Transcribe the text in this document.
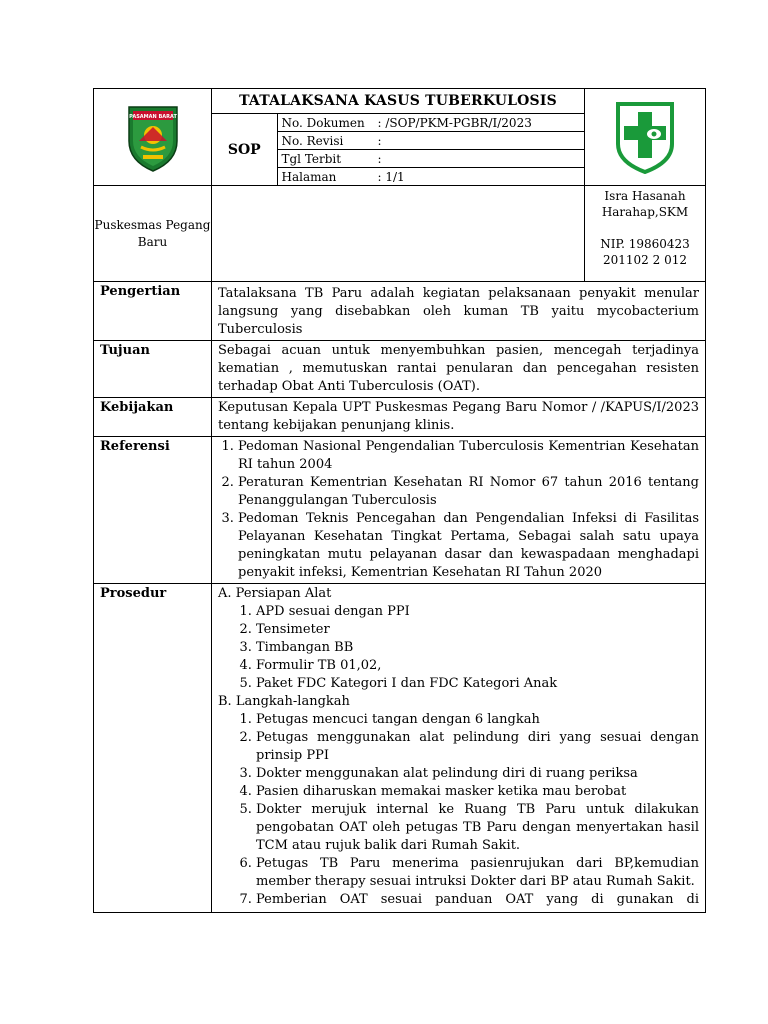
PASAMAN BARAT

TATALAKSANA KASUS TUBERKULOSIS
SOP	
No. Dokumen	: /SOP/PKM-PGBR/I/2023

No. Revisi	:

Tgl Terbit	:

Halaman	: 1/1

Puskesmas Pegang Baru		
Isra Hasanah Harahap,SKM
NIP. 19860423
201102 2 012

Pengertian	Tatalaksana TB Paru adalah kegiatan pelaksanaan penyakit menular langsung yang disebabkan oleh kuman TB yaitu mycobacterium Tuberculosis
Tujuan	Sebagai acuan untuk menyembuhkan pasien, mencegah terjadinya kematian , memutuskan rantai penularan dan pencegahan resisten terhadap Obat Anti Tuberculosis (OAT).
Kebijakan	Keputusan Kepala UPT Puskesmas Pegang Baru Nomor / /KAPUS/I/2023 tentang kebijakan penunjang klinis.
Referensi	
1.Pedoman Nasional Pengendalian Tuberculosis Kementrian Kesehatan RI tahun 2004
2. Peraturan Kementrian Kesehatan RI Nomor 67 tahun 2016 tentang Penanggulangan Tuberculosis
3. Pedoman Teknis Pencegahan dan Pengendalian Infeksi di Fasilitas Pelayanan Kesehatan Tingkat Pertama, Sebagai salah satu upaya peningkatan mutu pelayanan dasar dan kewaspadaan menghadapi penyakit infeksi, Kementrian Kesehatan RI Tahun 2020

Prosedur	A. Persiapan Alat
1. APD sesuai dengan PPI
2. Tensimeter
3. Timbangan BB
4. Formulir TB 01,02,
5. Paket FDC Kategori I dan FDC Kategori Anak
B. Langkah-langkah
1. Petugas mencuci tangan dengan 6 langkah
2. Petugas menggunakan alat pelindung diri yang sesuai dengan prinsip PPI
3. Dokter menggunakan alat pelindung diri di ruang periksa
4. Pasien diharuskan memakai masker ketika mau berobat
5. Dokter merujuk internal ke Ruang TB Paru untuk dilakukan pengobatan OAT oleh petugas TB Paru dengan menyertakan hasil TCM atau rujuk balik dari Rumah Sakit.
6. Petugas TB Paru menerima pasienrujukan dari BP,kemudian member therapy sesuai intruksi Dokter dari BP atau Rumah Sakit.
7. Pemberian OAT sesuai panduan OAT yang di gunakan di
